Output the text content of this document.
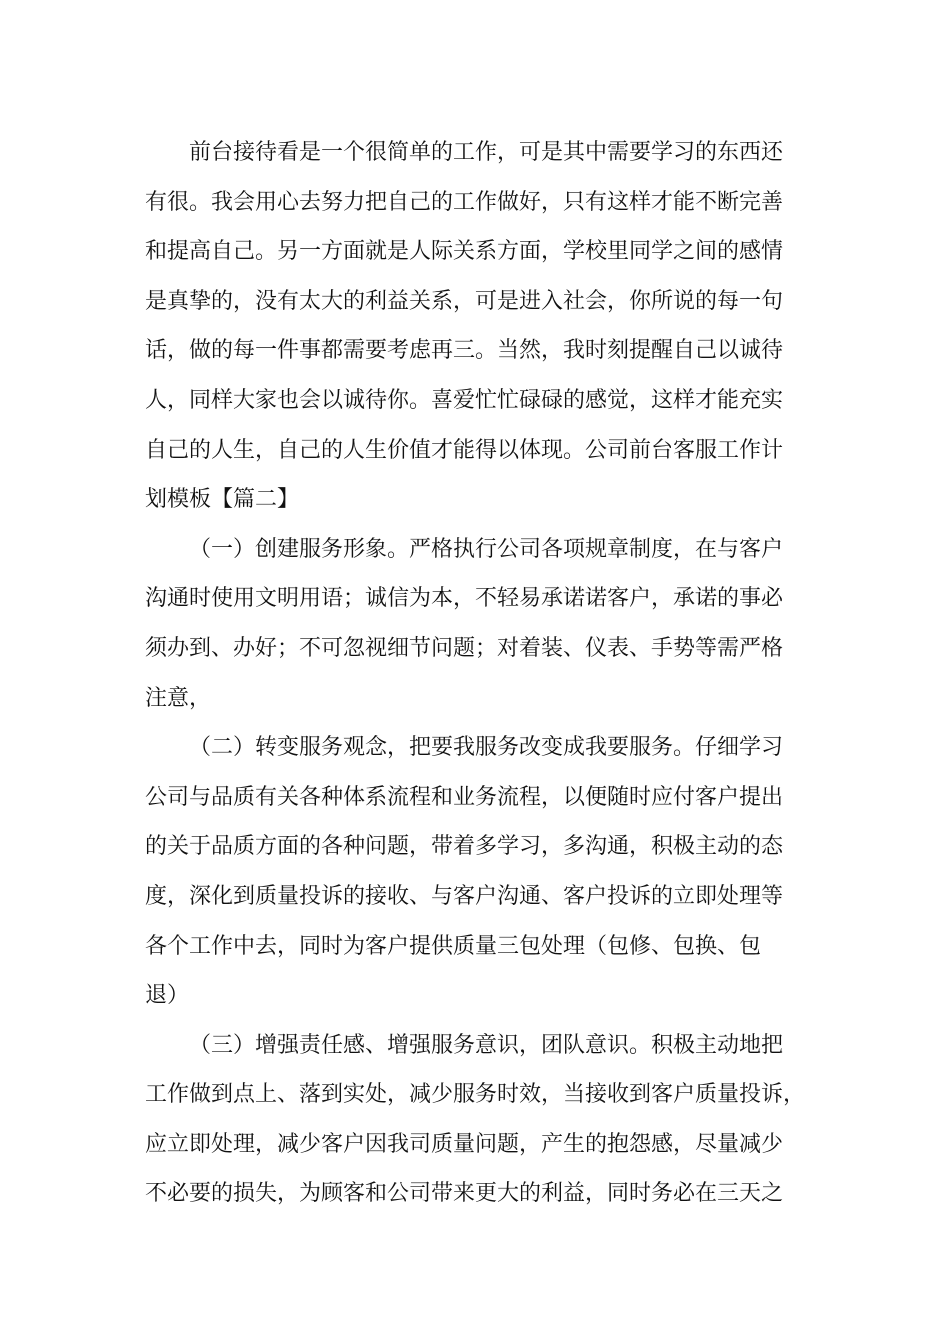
前台接待看是一个很简单的工作，可是其中需要学习的东西还
有很。我会用心去努力把自己的工作做好，只有这样才能不断完善
和提高自己。另一方面就是人际关系方面，学校里同学之间的感情
是真挚的，没有太大的利益关系，可是进入社会，你所说的每一句
话，做的每一件事都需要考虑再三。当然，我时刻提醒自己以诚待
人，同样大家也会以诚待你。喜爱忙忙碌碌的感觉，这样才能充实
自己的人生，自己的人生价值才能得以体现。公司前台客服工作计
划模板【篇二】

（一）创建服务形象。严格执行公司各项规章制度，在与客户
沟通时使用文明用语；诚信为本，不轻易承诺诺客户，承诺的事必
须办到、办好；不可忽视细节问题；对着装、仪表、手势等需严格
注意，

（二）转变服务观念，把要我服务改变成我要服务。仔细学习
公司与品质有关各种体系流程和业务流程，以便随时应付客户提出
的关于品质方面的各种问题，带着多学习，多沟通，积极主动的态
度，深化到质量投诉的接收、与客户沟通、客户投诉的立即处理等
各个工作中去，同时为客户提供质量三包处理（包修、包换、包
退）

（三）增强责任感、增强服务意识，团队意识。积极主动地把
工作做到点上、落到实处，减少服务时效，当接收到客户质量投诉，
应立即处理，减少客户因我司质量问题，产生的抱怨感，尽量减少
不必要的损失，为顾客和公司带来更大的利益，同时务必在三天之
